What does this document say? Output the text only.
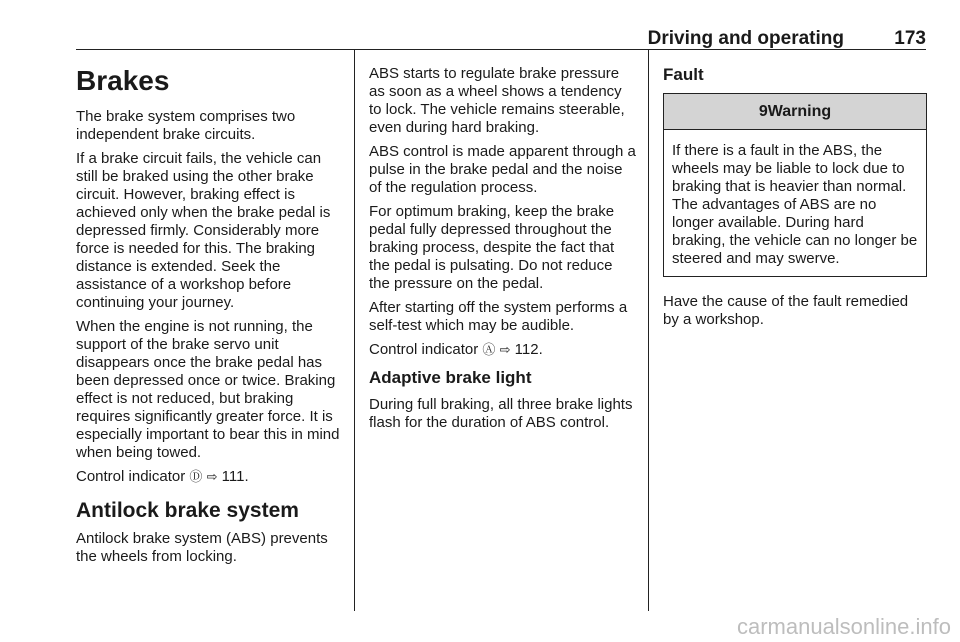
Driving and operating	173
Brakes

The brake system comprises two independent brake circuits.

If a brake circuit fails, the vehicle can still be braked using the other brake circuit. However, braking effect is achieved only when the brake pedal is depressed firmly. Considerably more force is needed for this. The braking distance is extended. Seek the assistance of a workshop before continuing your journey.

When the engine is not running, the support of the brake servo unit disappears once the brake pedal has been depressed once or twice. Braking effect is not reduced, but braking requires significantly greater force. It is especially important to bear this in mind when being towed.

Control indicator Ⓓ ⇨ 111.

Antilock brake system

Antilock brake system (ABS) prevents the wheels from locking.

ABS starts to regulate brake pressure as soon as a wheel shows a tendency to lock. The vehicle remains steerable, even during hard braking.

ABS control is made apparent through a pulse in the brake pedal and the noise of the regulation process.

For optimum braking, keep the brake pedal fully depressed throughout the braking process, despite the fact that the pedal is pulsating. Do not reduce the pressure on the pedal.

After starting off the system performs a self-test which may be audible.

Control indicator Ⓐ ⇨ 112.

Adaptive brake light

During full braking, all three brake lights flash for the duration of ABS control.

Fault
9Warning
If there is a fault in the ABS, the wheels may be liable to lock due to braking that is heavier than normal. The advantages of ABS are no longer available. During hard braking, the vehicle can no longer be steered and may swerve.

Have the cause of the fault remedied by a workshop.

carmanualsonline.info
